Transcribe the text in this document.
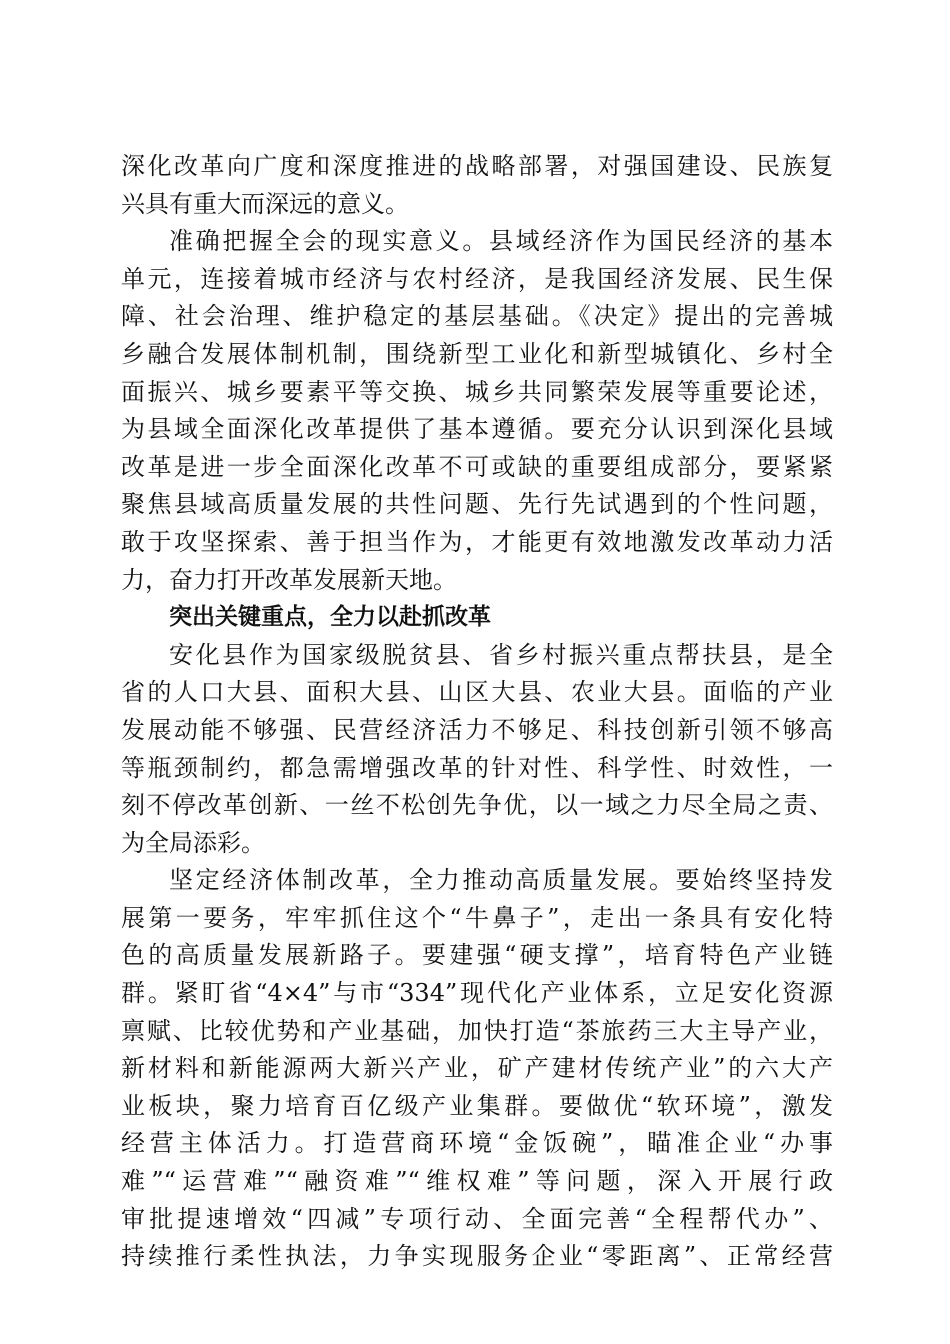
深化改革向广度和深度推进的战略部署，对强国建设、民族复
兴具有重大而深远的意义。
准确把握全会的现实意义。县域经济作为国民经济的基本
单元，连接着城市经济与农村经济，是我国经济发展、民生保
障、社会治理、维护稳定的基层基础。《决定》提出的完善城
乡融合发展体制机制，围绕新型工业化和新型城镇化、乡村全
面振兴、城乡要素平等交换、城乡共同繁荣发展等重要论述，
为县域全面深化改革提供了基本遵循。要充分认识到深化县域
改革是进一步全面深化改革不可或缺的重要组成部分，要紧紧
聚焦县域高质量发展的共性问题、先行先试遇到的个性问题，
敢于攻坚探索、善于担当作为，才能更有效地激发改革动力活
力，奋力打开改革发展新天地。
突出关键重点，全力以赴抓改革
安化县作为国家级脱贫县、省乡村振兴重点帮扶县，是全
省的人口大县、面积大县、山区大县、农业大县。面临的产业
发展动能不够强、民营经济活力不够足、科技创新引领不够高
等瓶颈制约，都急需增强改革的针对性、科学性、时效性，一
刻不停改革创新、一丝不松创先争优，以一域之力尽全局之责、
为全局添彩。
坚定经济体制改革，全力推动高质量发展。要始终坚持发
展第一要务，牢牢抓住这个“牛鼻子”，走出一条具有安化特
色的高质量发展新路子。要建强“硬支撑”，培育特色产业链
群。紧盯省“4×4”与市“334”现代化产业体系，立足安化资源
禀赋、比较优势和产业基础，加快打造“茶旅药三大主导产业，
新材料和新能源两大新兴产业，矿产建材传统产业”的六大产
业板块，聚力培育百亿级产业集群。要做优“软环境”，激发
经营主体活力。打造营商环境“金饭碗”，瞄准企业“办事
难”“运营难”“融资难”“维权难”等问题，深入开展行政
审批提速增效“四减”专项行动、全面完善“全程帮代办”、
持续推行柔性执法，力争实现服务企业“零距离”、正常经营
